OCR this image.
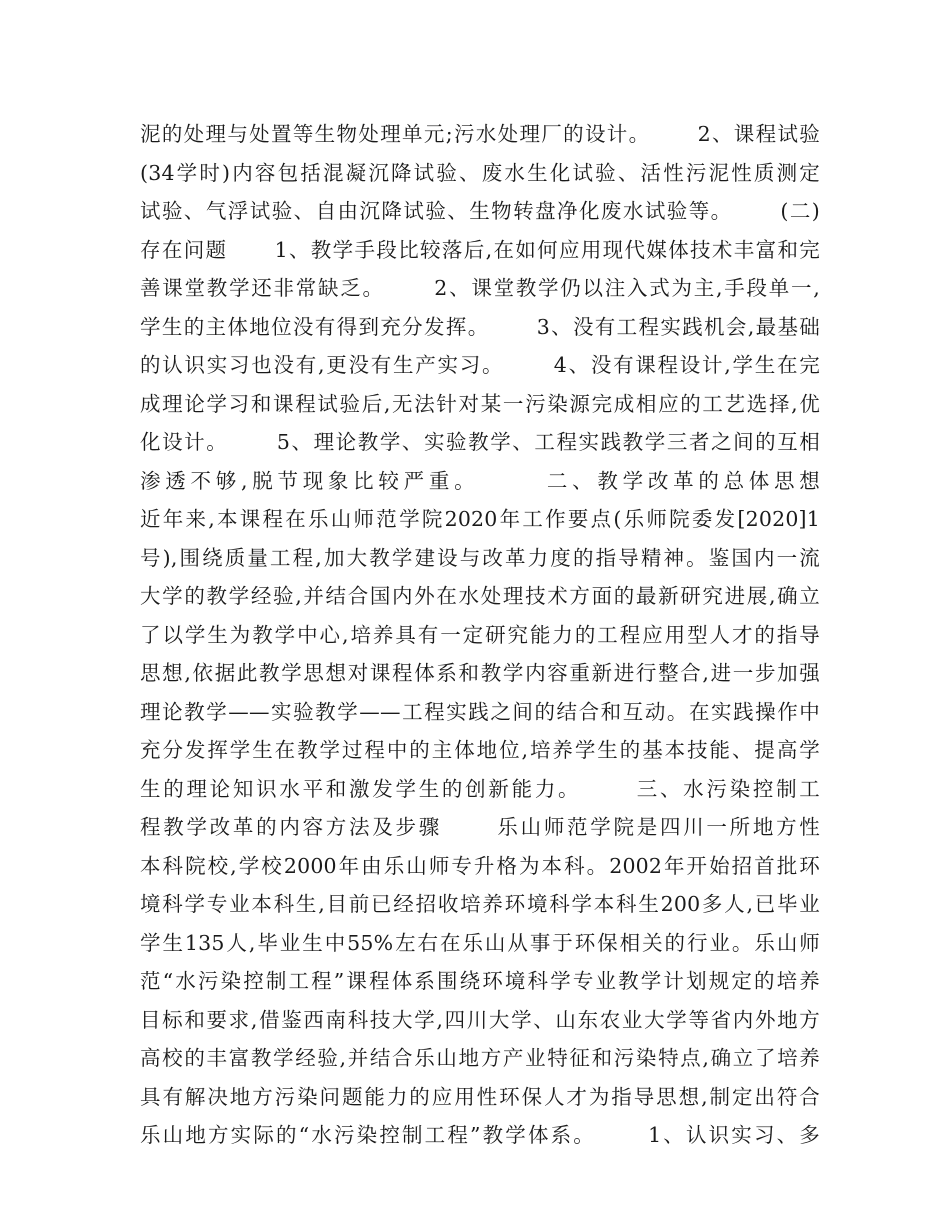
泥的处理与处置等生物处理单元;污水处理厂的设计。      2、课程试验
(34学时)内容包括混凝沉降试验、废水生化试验、活性污泥性质测定
试验、气浮试验、自由沉降试验、生物转盘净化废水试验等。      (二)
存在问题      1、教学手段比较落后,在如何应用现代媒体技术丰富和完
善课堂教学还非常缺乏。      2、课堂教学仍以注入式为主,手段单一,
学生的主体地位没有得到充分发挥。      3、没有工程实践机会,最基础
的认识实习也没有,更没有生产实习。      4、没有课程设计,学生在完
成理论学习和课程试验后,无法针对某一污染源完成相应的工艺选择,优
化设计。      5、理论教学、实验教学、工程实践教学三者之间的互相
渗透不够,脱节现象比较严重。      二、教学改革的总体思想
近年来,本课程在乐山师范学院2020年工作要点(乐师院委发[2020]1
号),围绕质量工程,加大教学建设与改革力度的指导精神。鉴国内一流
大学的教学经验,并结合国内外在水处理技术方面的最新研究进展,确立
了以学生为教学中心,培养具有一定研究能力的工程应用型人才的指导
思想,依据此教学思想对课程体系和教学内容重新进行整合,进一步加强
理论教学——实验教学——工程实践之间的结合和互动。在实践操作中
充分发挥学生在教学过程中的主体地位,培养学生的基本技能、提高学
生的理论知识水平和激发学生的创新能力。      三、水污染控制工
程教学改革的内容方法及步骤      乐山师范学院是四川一所地方性
本科院校,学校2000年由乐山师专升格为本科。2002年开始招首批环
境科学专业本科生,目前已经招收培养环境科学本科生200多人,已毕业
学生135人,毕业生中55%左右在乐山从事于环保相关的行业。乐山师
范“水污染控制工程”课程体系围绕环境科学专业教学计划规定的培养
目标和要求,借鉴西南科技大学,四川大学、山东农业大学等省内外地方
高校的丰富教学经验,并结合乐山地方产业特征和污染特点,确立了培养
具有解决地方污染问题能力的应用性环保人才为指导思想,制定出符合
乐山地方实际的“水污染控制工程”教学体系。      1、认识实习、多
